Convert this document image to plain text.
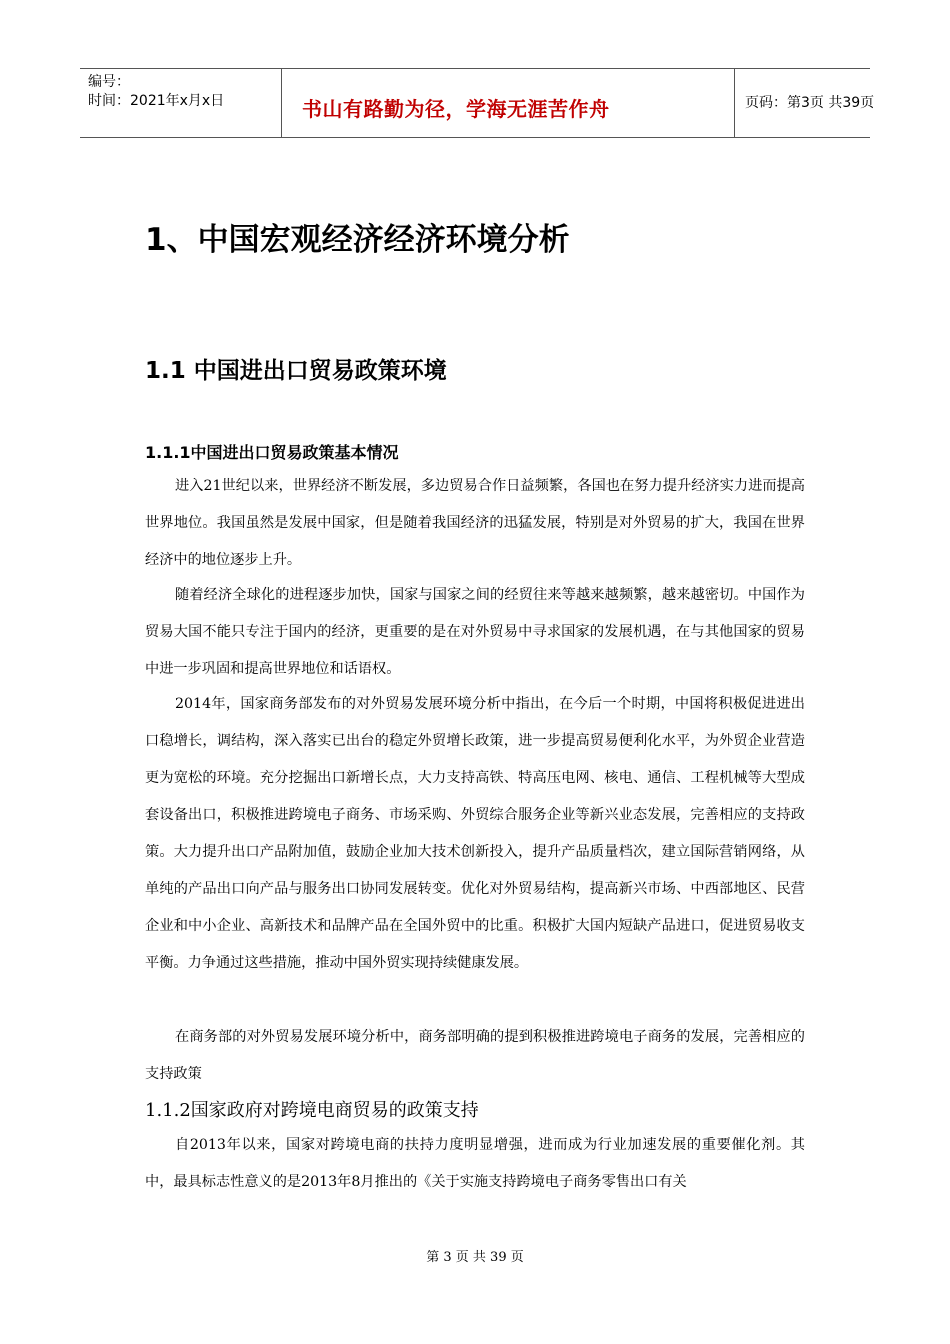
编号：
时间：2021年x月x日	书山有路勤为径，学海无涯苦作舟	页码：第3页 共39页
1、中国宏观经济经济环境分析
1.1 中国进出口贸易政策环境
1.1.1中国进出口贸易政策基本情况

进入21世纪以来，世界经济不断发展，多边贸易合作日益频繁，各国也在努力提升经济实力进而提高世界地位。我国虽然是发展中国家，但是随着我国经济的迅猛发展，特别是对外贸易的扩大，我国在世界经济中的地位逐步上升。

随着经济全球化的进程逐步加快，国家与国家之间的经贸往来等越来越频繁，越来越密切。中国作为贸易大国不能只专注于国内的经济，更重要的是在对外贸易中寻求国家的发展机遇，在与其他国家的贸易中进一步巩固和提高世界地位和话语权。

2014年，国家商务部发布的对外贸易发展环境分析中指出，在今后一个时期，中国将积极促进进出口稳增长，调结构，深入落实已出台的稳定外贸增长政策，进一步提高贸易便利化水平，为外贸企业营造更为宽松的环境。充分挖掘出口新增长点，大力支持高铁、特高压电网、核电、通信、工程机械等大型成套设备出口，积极推进跨境电子商务、市场采购、外贸综合服务企业等新兴业态发展，完善相应的支持政策。大力提升出口产品附加值，鼓励企业加大技术创新投入，提升产品质量档次，建立国际营销网络，从单纯的产品出口向产品与服务出口协同发展转变。优化对外贸易结构，提高新兴市场、中西部地区、民营企业和中小企业、高新技术和品牌产品在全国外贸中的比重。积极扩大国内短缺产品进口，促进贸易收支平衡。力争通过这些措施，推动中国外贸实现持续健康发展。

在商务部的对外贸易发展环境分析中，商务部明确的提到积极推进跨境电子商务的发展，完善相应的支持政策

1.1.2国家政府对跨境电商贸易的政策支持

自2013年以来，国家对跨境电商的扶持力度明显增强，进而成为行业加速发展的重要催化剂。其中，最具标志性意义的是2013年8月推出的《关于实施支持跨境电子商务零售出口有关

第 3 页 共 39 页
